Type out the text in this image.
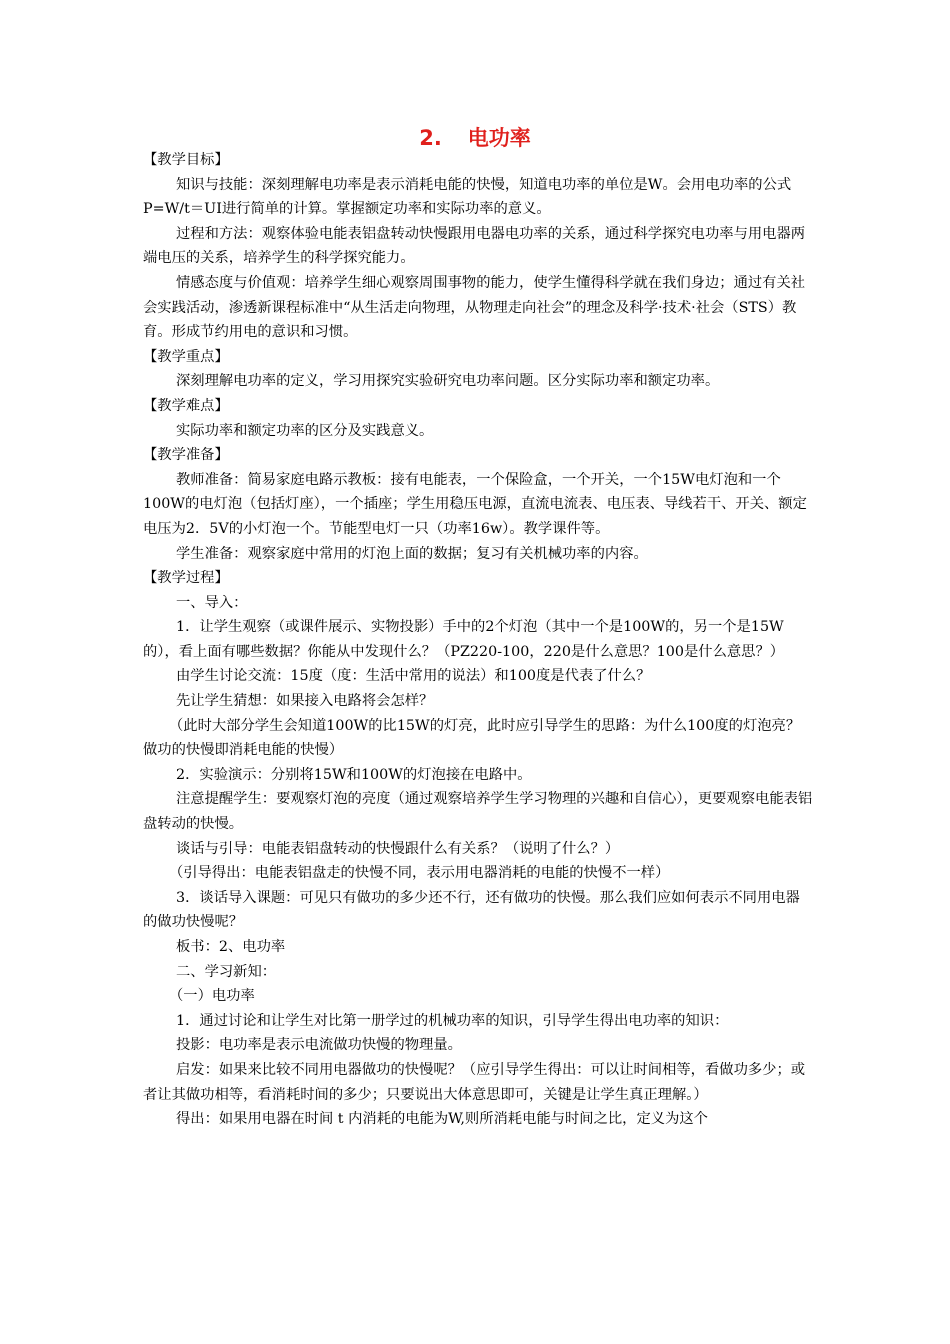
2. 电功率

【教学目标】

知识与技能：深刻理解电功率是表示消耗电能的快慢，知道电功率的单位是W。会用电功率的公式P=W/t＝UI进行简单的计算。掌握额定功率和实际功率的意义。

过程和方法：观察体验电能表铝盘转动快慢跟用电器电功率的关系，通过科学探究电功率与用电器两端电压的关系，培养学生的科学探究能力。

情感态度与价值观：培养学生细心观察周围事物的能力，使学生懂得科学就在我们身边；通过有关社会实践活动，渗透新课程标准中“从生活走向物理，从物理走向社会”的理念及科学·技术·社会（STS）教育。形成节约用电的意识和习惯。

【教学重点】

深刻理解电功率的定义，学习用探究实验研究电功率问题。区分实际功率和额定功率。

【教学难点】

实际功率和额定功率的区分及实践意义。

【教学准备】

教师准备：简易家庭电路示教板：接有电能表，一个保险盒，一个开关，一个15W电灯泡和一个100W的电灯泡（包括灯座），一个插座；学生用稳压电源，直流电流表、电压表、导线若干、开关、额定电压为2．5V的小灯泡一个。节能型电灯一只（功率16w）。教学课件等。

学生准备：观察家庭中常用的灯泡上面的数据；复习有关机械功率的内容。

【教学过程】

一、导入：

1．让学生观察（或课件展示、实物投影）手中的2个灯泡（其中一个是100W的，另一个是15W的），看上面有哪些数据？你能从中发现什么？（PZ220-100，220是什么意思？100是什么意思？）

由学生讨论交流：15度（度：生活中常用的说法）和100度是代表了什么？

先让学生猜想：如果接入电路将会怎样？

（此时大部分学生会知道100W的比15W的灯亮，此时应引导学生的思路：为什么100度的灯泡亮？做功的快慢即消耗电能的快慢）

2．实验演示：分别将15W和100W的灯泡接在电路中。

注意提醒学生：要观察灯泡的亮度（通过观察培养学生学习物理的兴趣和自信心），更要观察电能表铝盘转动的快慢。

谈话与引导：电能表铝盘转动的快慢跟什么有关系？（说明了什么？）

（引导得出：电能表铝盘走的快慢不同，表示用电器消耗的电能的快慢不一样）

3．谈话导入课题：可见只有做功的多少还不行，还有做功的快慢。那么我们应如何表示不同用电器的做功快慢呢？

板书：2、电功率

二、学习新知：

（一）电功率

1．通过讨论和让学生对比第一册学过的机械功率的知识，引导学生得出电功率的知识：

投影：电功率是表示电流做功快慢的物理量。

启发：如果来比较不同用电器做功的快慢呢？（应引导学生得出：可以让时间相等，看做功多少；或者让其做功相等，看消耗时间的多少；只要说出大体意思即可，关键是让学生真正理解。）

得出：如果用电器在时间 t 内消耗的电能为W,则所消耗电能与时间之比，定义为这个
